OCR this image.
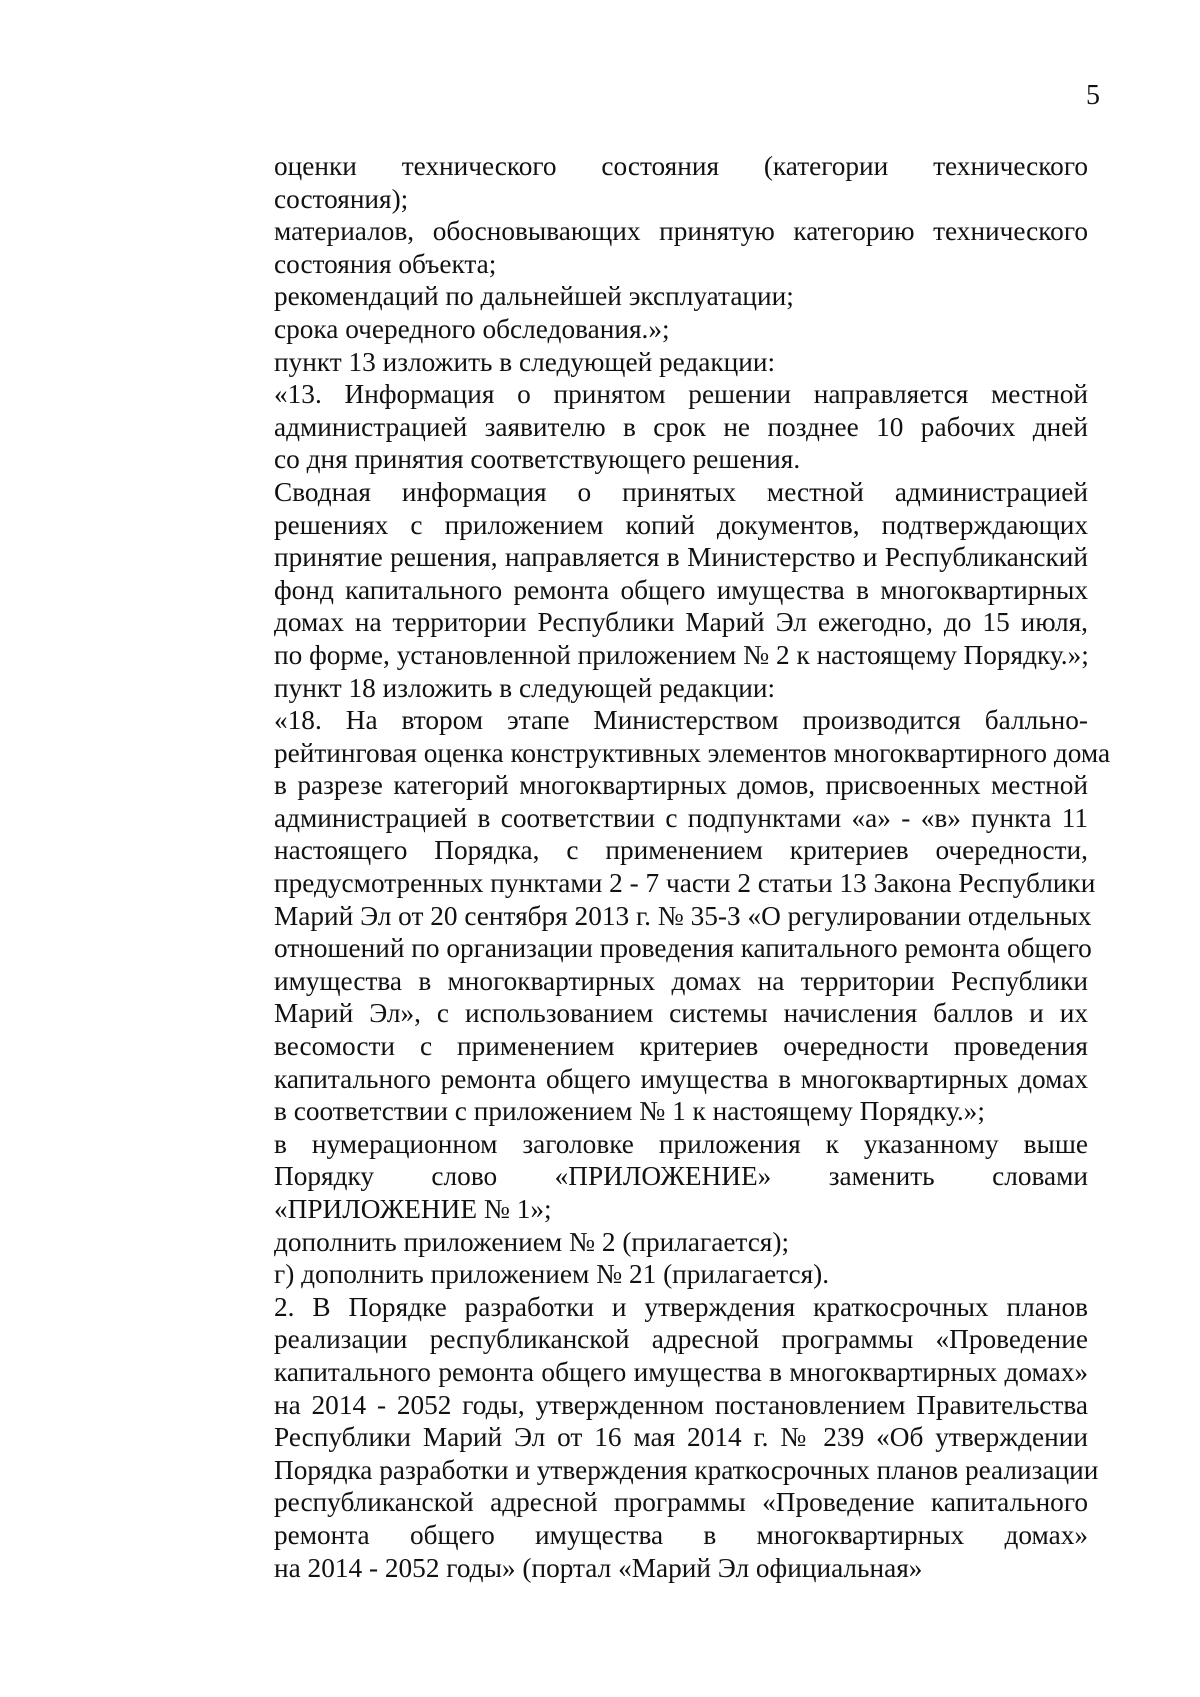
5

оценки технического состояния (категории технического
состояния);

материалов, обосновывающих принятую категорию технического
состояния объекта;

рекомендаций по дальнейшей эксплуатации;

срока очередного обследования.»;

пункт 13 изложить в следующей редакции:

«13. Информация о принятом решении направляется местной
администрацией заявителю в срок не позднее 10 рабочих дней
со дня принятия соответствующего решения.

Сводная информация о принятых местной администрацией
решениях с приложением копий документов, подтверждающих
принятие решения, направляется в Министерство и Республиканский
фонд капитального ремонта общего имущества в многоквартирных
домах на территории Республики Марий Эл ежегодно, до 15 июля,
по форме, установленной приложением № 2 к настоящему Порядку.»;

пункт 18 изложить в следующей редакции:

«18. На втором этапе Министерством производится балльно-
рейтинговая оценка конструктивных элементов многоквартирного дома
в разрезе категорий многоквартирных домов, присвоенных местной
администрацией в соответствии с подпунктами «а» - «в» пункта 11
настоящего Порядка, с применением критериев очередности,
предусмотренных пунктами 2 - 7 части 2 статьи 13 Закона Республики
Марий Эл от 20 сентября 2013 г. № 35-З «О регулировании отдельных
отношений по организации проведения капитального ремонта общего
имущества в многоквартирных домах на территории Республики
Марий Эл», с использованием системы начисления баллов и их
весомости с применением критериев очередности проведения
капитального ремонта общего имущества в многоквартирных домах
в соответствии с приложением № 1 к настоящему Порядку.»;

в нумерационном заголовке приложения к указанному выше
Порядку слово «ПРИЛОЖЕНИЕ» заменить словами
«ПРИЛОЖЕНИЕ № 1»;

дополнить приложением № 2 (прилагается);

г) дополнить приложением № 21 (прилагается).

2. В Порядке разработки и утверждения краткосрочных планов
реализации республиканской адресной программы «Проведение
капитального ремонта общего имущества в многоквартирных домах»
на 2014 - 2052 годы, утвержденном постановлением Правительства
Республики Марий Эл от 16 мая 2014 г. № 239 «Об утверждении
Порядка разработки и утверждения краткосрочных планов реализации
республиканской адресной программы «Проведение капитального
ремонта общего имущества в многоквартирных домах»
на 2014 - 2052 годы» (портал «Марий Эл официальная»
